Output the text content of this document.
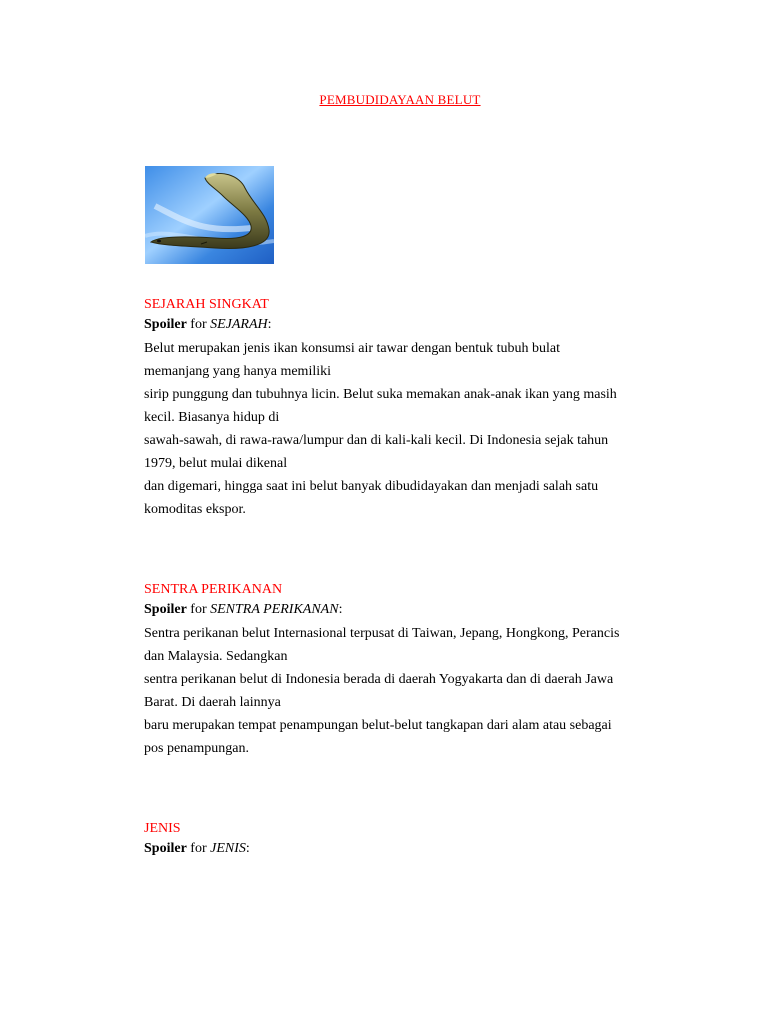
PEMBUDIDAYAAN BELUT

SEJARAH SINGKAT

Spoiler for SEJARAH:

Belut merupakan jenis ikan konsumsi air tawar dengan bentuk tubuh bulat

memanjang yang hanya memiliki

sirip punggung dan tubuhnya licin. Belut suka memakan anak-anak ikan yang masih

kecil. Biasanya hidup di

sawah-sawah, di rawa-rawa/lumpur dan di kali-kali kecil. Di Indonesia sejak tahun

1979, belut mulai dikenal

dan digemari, hingga saat ini belut banyak dibudidayakan dan menjadi salah satu

komoditas ekspor.

SENTRA PERIKANAN

Spoiler for SENTRA PERIKANAN:

Sentra perikanan belut Internasional terpusat di Taiwan, Jepang, Hongkong, Perancis

dan Malaysia. Sedangkan

sentra perikanan belut di Indonesia berada di daerah Yogyakarta dan di daerah Jawa

Barat. Di daerah lainnya

baru merupakan tempat penampungan belut-belut tangkapan dari alam atau sebagai

pos penampungan.

JENIS

Spoiler for JENIS:
